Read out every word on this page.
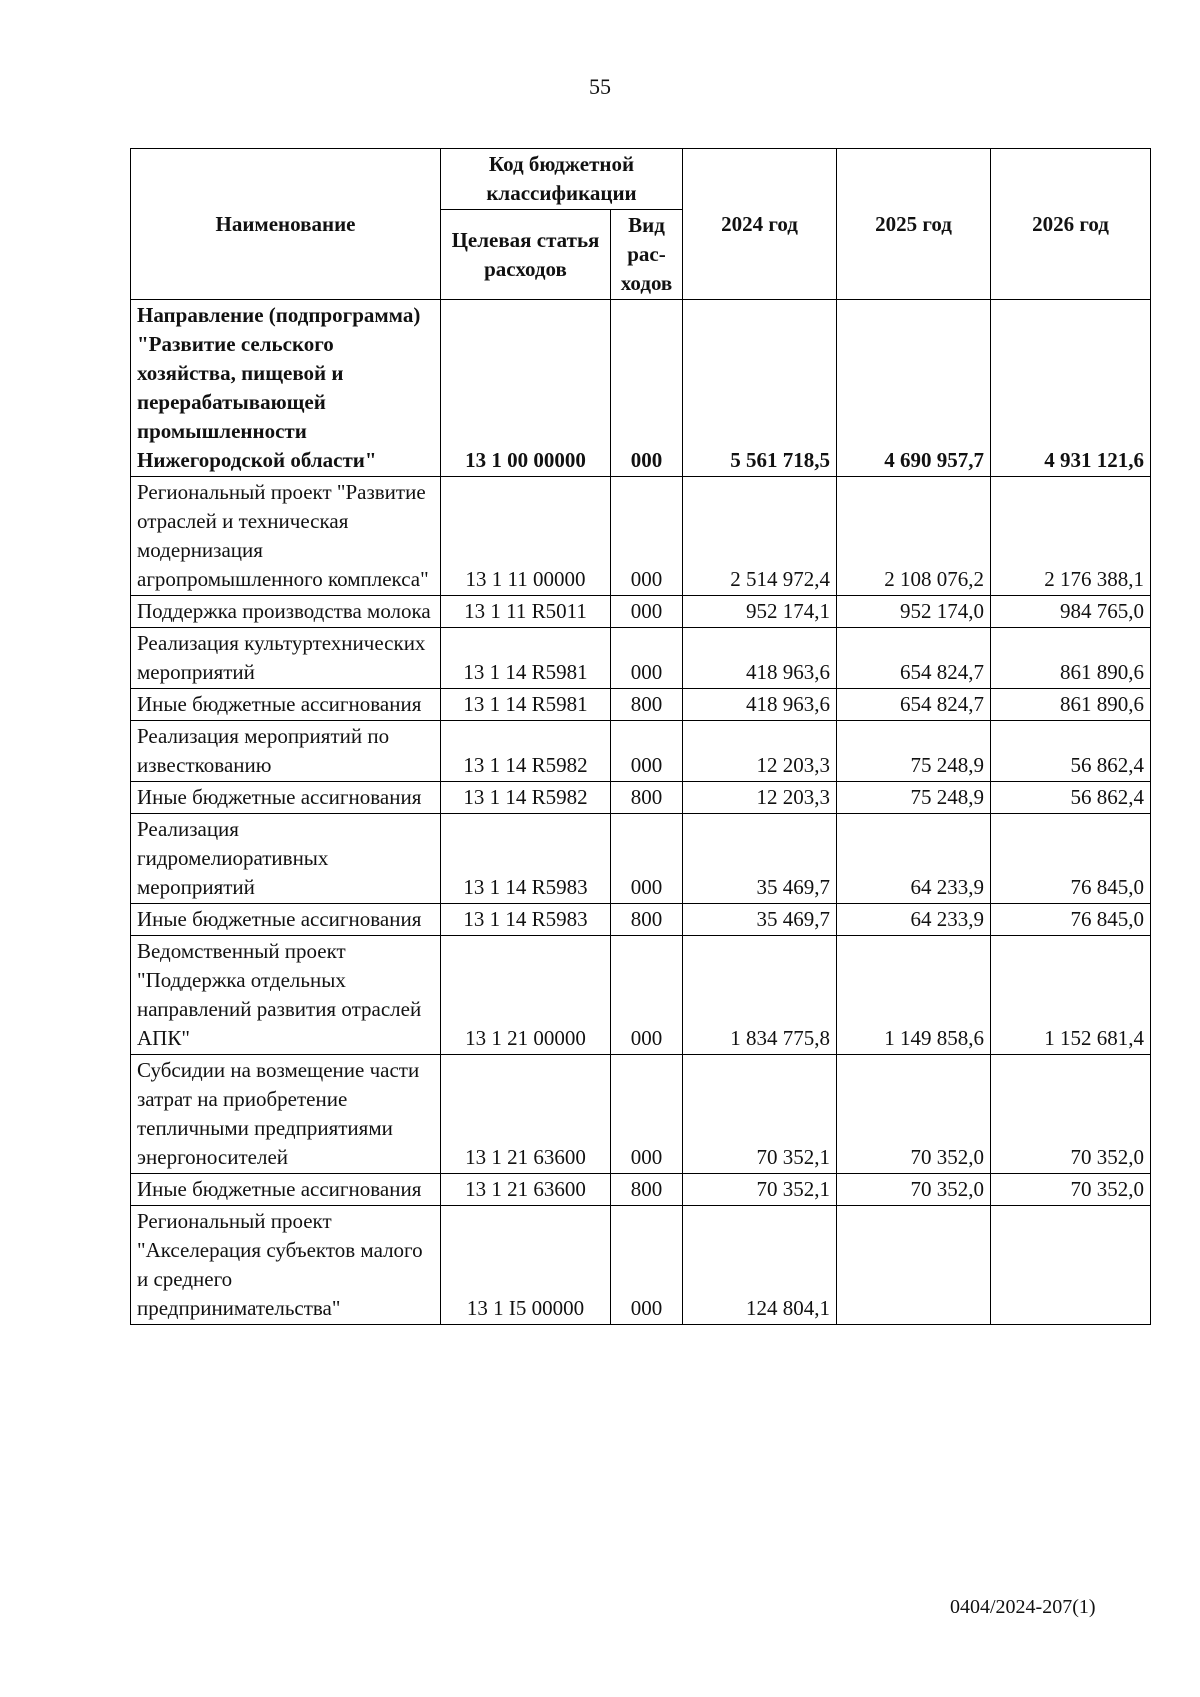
55
Наименование	Код бюджетной классификации		2024 год	2025 год	2026 год
	Целевая статья расходов	Вид рас-ходов			
Направление (подпрограмма) "Развитие сельского хозяйства, пищевой и перерабатывающей промышленности Нижегородской области"	13 1 00 00000	000	5 561 718,5	4 690 957,7	4 931 121,6
Региональный проект "Развитие отраслей и техническая модернизация агропромышленного комплекса"	13 1 11 00000	000	2 514 972,4	2 108 076,2	2 176 388,1
Поддержка производства молока	13 1 11 R5011	000	952 174,1	952 174,0	984 765,0
Реализация культуртехнических мероприятий	13 1 14 R5981	000	418 963,6	654 824,7	861 890,6
Иные бюджетные ассигнования	13 1 14 R5981	800	418 963,6	654 824,7	861 890,6
Реализация мероприятий по известкованию	13 1 14 R5982	000	12 203,3	75 248,9	56 862,4
Иные бюджетные ассигнования	13 1 14 R5982	800	12 203,3	75 248,9	56 862,4
Реализация гидромелиоративных мероприятий	13 1 14 R5983	000	35 469,7	64 233,9	76 845,0
Иные бюджетные ассигнования	13 1 14 R5983	800	35 469,7	64 233,9	76 845,0
Ведомственный проект "Поддержка отдельных направлений развития отраслей АПК"	13 1 21 00000	000	1 834 775,8	1 149 858,6	1 152 681,4
Субсидии на возмещение части затрат на приобретение тепличными предприятиями энергоносителей	13 1 21 63600	000	70 352,1	70 352,0	70 352,0
Иные бюджетные ассигнования	13 1 21 63600	800	70 352,1	70 352,0	70 352,0
Региональный проект "Акселерация субъектов малого и среднего предпринимательства"	13 1 I5 00000	000	124 804,1		
0404/2024-207(1)
